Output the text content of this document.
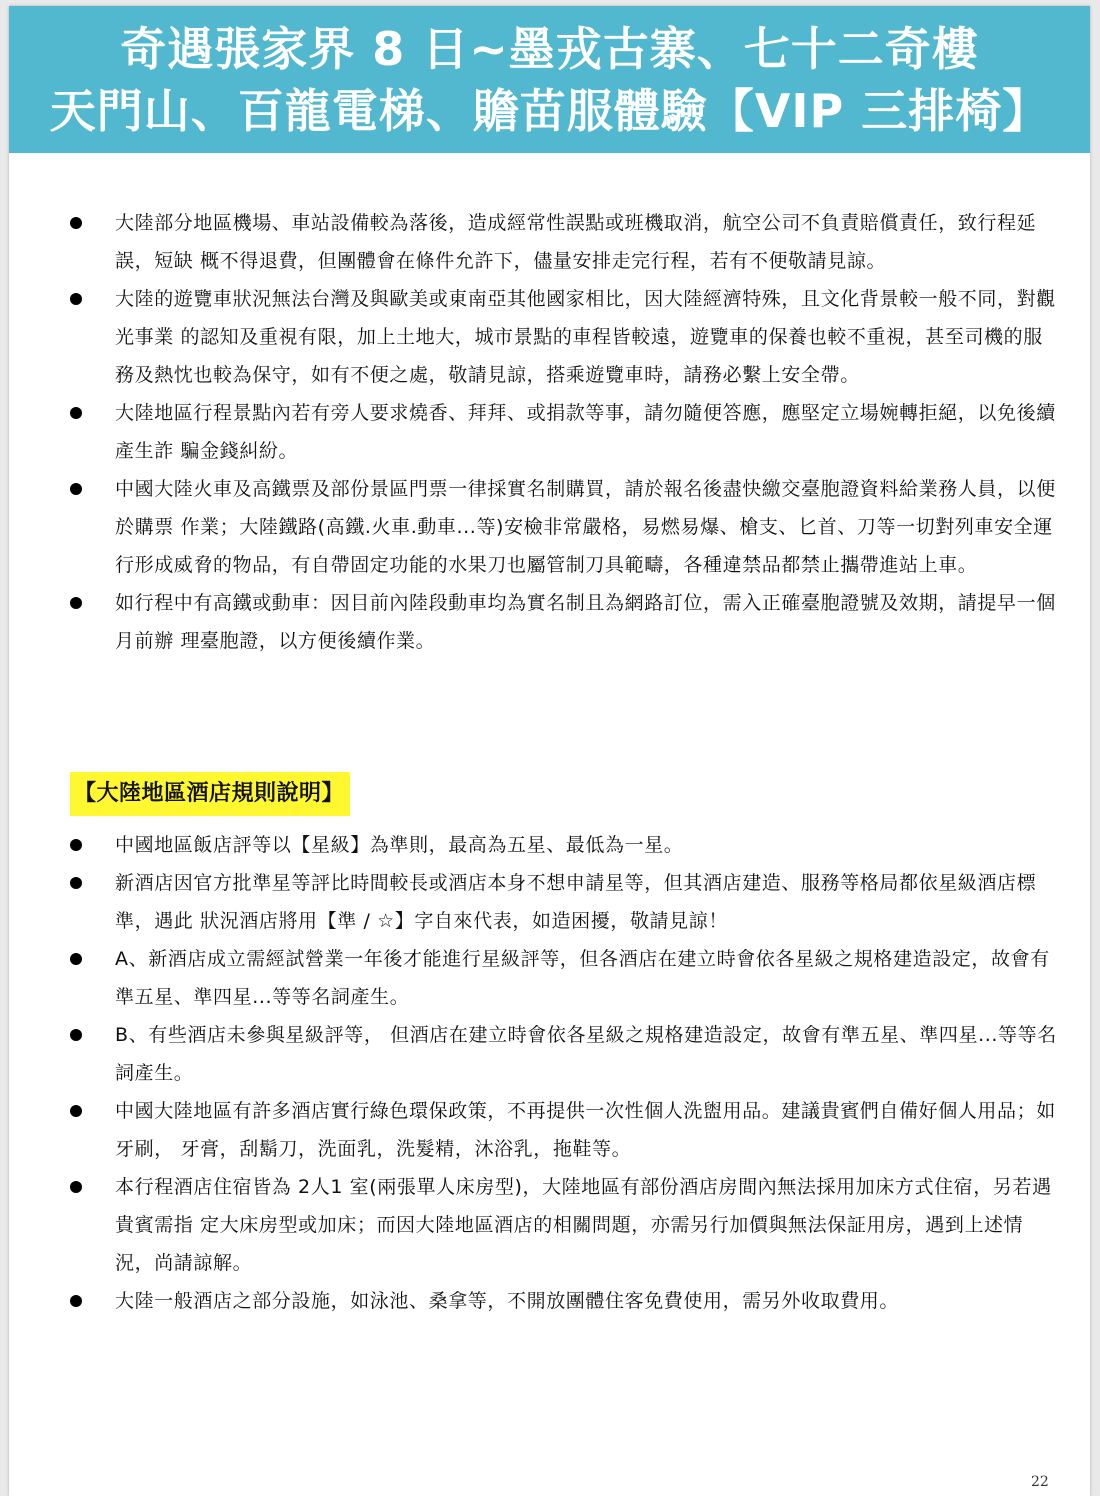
奇遇張家界 8 日~墨戎古寨、七十二奇樓
天門山、百龍電梯、贍苗服體驗【VIP 三排椅】
大陸部分地區機場、車站設備較為落後，造成經常性誤點或班機取消，航空公司不負責賠償責任，致行程延誤，短缺 概不得退費，但團體會在條件允許下，儘量安排走完行程，若有不便敬請見諒。
大陸的遊覽車狀況無法台灣及與歐美或東南亞其他國家相比，因大陸經濟特殊，且文化背景較一般不同，對觀光事業 的認知及重視有限，加上土地大，城市景點的車程皆較遠，遊覽車的保養也較不重視，甚至司機的服務及熱忱也較為保守，如有不便之處，敬請見諒，搭乘遊覽車時，請務必繫上安全帶。
大陸地區行程景點內若有旁人要求燒香、拜拜、或捐款等事，請勿隨便答應，應堅定立場婉轉拒絕，以免後續產生詐 騙金錢糾紛。
中國大陸火車及高鐵票及部份景區門票一律採實名制購買，請於報名後盡快繳交臺胞證資料給業務人員，以便於購票 作業；大陸鐵路(高鐵.火車.動車...等)安檢非常嚴格，易燃易爆、槍支、匕首、刀等一切對列車安全運行形成威脅的物品，有自帶固定功能的水果刀也屬管制刀具範疇，各種違禁品都禁止攜帶進站上車。
如行程中有高鐵或動車：因目前內陸段動車均為實名制且為網路訂位，需入正確臺胞證號及效期，請提早一個月前辦 理臺胞證，以方便後續作業。
【大陸地區酒店規則說明】
中國地區飯店評等以【星級】為準則，最高為五星、最低為一星。
新酒店因官方批準星等評比時間較長或酒店本身不想申請星等，但其酒店建造、服務等格局都依星級酒店標準，遇此 狀況酒店將用【準 / ☆】字自來代表，如造困擾，敬請見諒！
A、新酒店成立需經試營業一年後才能進行星級評等，但各酒店在建立時會依各星級之規格建造設定，故會有準五星、準四星...等等名詞產生。
B、有些酒店未參與星級評等， 但酒店在建立時會依各星級之規格建造設定，故會有準五星、準四星...等等名詞產生。
中國大陸地區有許多酒店實行綠色環保政策，不再提供一次性個人洗盥用品。建議貴賓們自備好個人用品；如牙刷， 牙膏，刮鬍刀，洗面乳，洗髮精，沐浴乳，拖鞋等。
本行程酒店住宿皆為 2人1 室(兩張單人床房型)，大陸地區有部份酒店房間內無法採用加床方式住宿，另若遇貴賓需指 定大床房型或加床；而因大陸地區酒店的相關問題，亦需另行加價與無法保証用房，遇到上述情況，尚請諒解。
大陸一般酒店之部分設施，如泳池、桑拿等，不開放團體住客免費使用，需另外收取費用。
22
